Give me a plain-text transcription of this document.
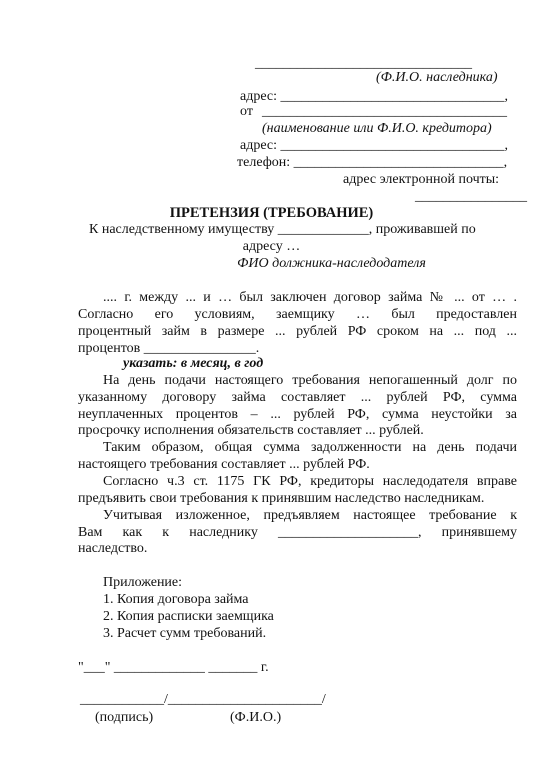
_______________________________
(Ф.И.О. наследника)
адрес: ________________________________,
от ___________________________________
(наименование или Ф.И.О. кредитора)
адрес: ________________________________,
телефон: ______________________________,
адрес электронной почты:
________________
ПРЕТЕНЗИЯ (ТРЕБОВАНИЕ)
К наследственному имуществу _____________, проживавшей по
адресу …
ФИО должника-наследодателя
.... г. между ... и … был заключен договор займа № ... от … .
Согласно его условиям, заемщику … был предоставлен
процентный займ в размере ... рублей РФ сроком на ... под ...
процентов ________________.
указать: в месяц, в год
На день подачи настоящего требования непогашенный долг по
указанному договору займа составляет ... рублей РФ, сумма
неуплаченных процентов – ... рублей РФ, сумма неустойки за
просрочку исполнения обязательств составляет ... рублей.
Таким образом, общая сумма задолженности на день подачи
настоящего требования составляет ... рублей РФ.
Согласно ч.3 ст. 1175 ГК РФ, кредиторы наследодателя вправе
предъявить свои требования к принявшим наследство наследникам.
Учитывая изложенное, предъявляем настоящее требование к
Вам как к наследнику ____________________, принявшему
наследство.
Приложение:
1. Копия договора займа
2. Копия расписки заемщика
3. Расчет сумм требований.
"___" _____________ _______ г.
____________/______________________/
(подпись)	(Ф.И.О.)
